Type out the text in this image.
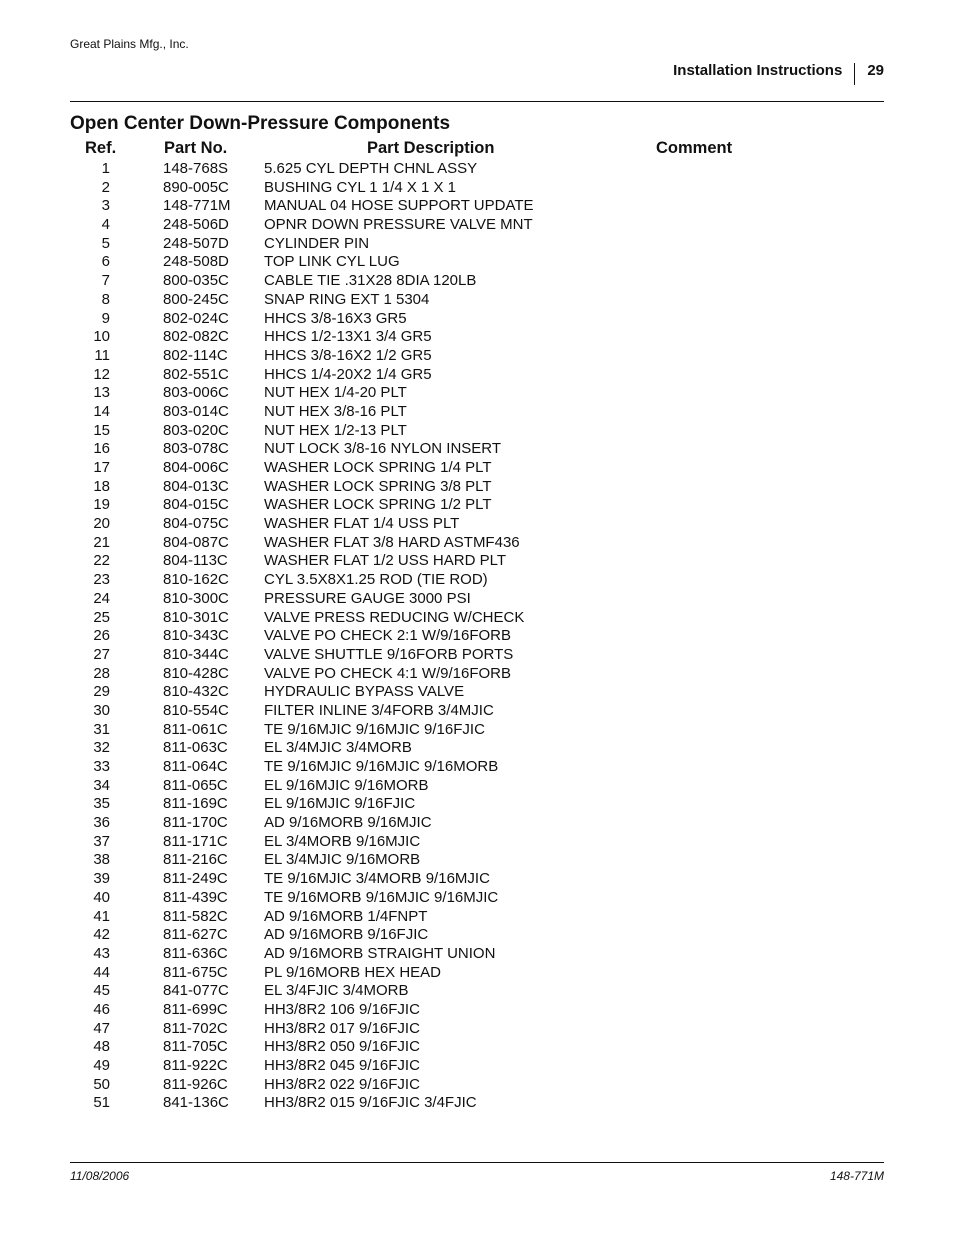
Great Plains Mfg., Inc.
Installation Instructions 29
Open Center Down-Pressure Components
Ref.	Part No.	Part Description	Comment
1	148-768S 5.625 CYL DEPTH CHNL ASSY
2	890-005C BUSHING CYL 1 1/4 X 1 X 1
3	148-771M MANUAL 04 HOSE SUPPORT UPDATE
4	248-506D OPNR DOWN PRESSURE VALVE MNT
5	248-507D CYLINDER PIN
6	248-508D TOP LINK CYL LUG
7	800-035C CABLE TIE .31X28 8DIA 120LB
8	800-245C SNAP RING EXT 1 5304
9	802-024C HHCS 3/8-16X3 GR5
10	802-082C HHCS 1/2-13X1 3/4 GR5
11	802-114C HHCS 3/8-16X2 1/2 GR5
12	802-551C HHCS 1/4-20X2 1/4 GR5
13	803-006C NUT HEX 1/4-20 PLT
14	803-014C NUT HEX 3/8-16 PLT
15	803-020C NUT HEX 1/2-13 PLT
16	803-078C NUT LOCK 3/8-16 NYLON INSERT
17	804-006C WASHER LOCK SPRING 1/4 PLT
18	804-013C WASHER LOCK SPRING 3/8 PLT
19	804-015C WASHER LOCK SPRING 1/2 PLT
20	804-075C WASHER FLAT 1/4 USS PLT
21	804-087C WASHER FLAT 3/8 HARD ASTMF436
22	804-113C WASHER FLAT 1/2 USS HARD PLT
23	810-162C CYL 3.5X8X1.25 ROD (TIE ROD)
24	810-300C PRESSURE GAUGE 3000 PSI
25	810-301C VALVE PRESS REDUCING W/CHECK
26	810-343C VALVE PO CHECK 2:1 W/9/16FORB
27	810-344C VALVE SHUTTLE 9/16FORB PORTS
28	810-428C VALVE PO CHECK 4:1 W/9/16FORB
29	810-432C HYDRAULIC BYPASS VALVE
30	810-554C FILTER INLINE 3/4FORB 3/4MJIC
31	811-061C TE 9/16MJIC 9/16MJIC 9/16FJIC
32	811-063C EL 3/4MJIC 3/4MORB
33	811-064C TE 9/16MJIC 9/16MJIC 9/16MORB
34	811-065C EL 9/16MJIC 9/16MORB
35	811-169C EL 9/16MJIC 9/16FJIC
36	811-170C AD 9/16MORB 9/16MJIC
37	811-171C EL 3/4MORB 9/16MJIC
38	811-216C EL 3/4MJIC 9/16MORB
39	811-249C TE 9/16MJIC 3/4MORB 9/16MJIC
40	811-439C TE 9/16MORB 9/16MJIC 9/16MJIC
41	811-582C AD 9/16MORB 1/4FNPT
42	811-627C AD 9/16MORB 9/16FJIC
43	811-636C AD 9/16MORB STRAIGHT UNION
44	811-675C PL 9/16MORB HEX HEAD
45	841-077C EL 3/4FJIC 3/4MORB
46	811-699C HH3/8R2 106 9/16FJIC
47	811-702C HH3/8R2 017 9/16FJIC
48	811-705C HH3/8R2 050 9/16FJIC
49	811-922C HH3/8R2 045 9/16FJIC
50	811-926C HH3/8R2 022 9/16FJIC
51	841-136C HH3/8R2 015 9/16FJIC 3/4FJIC
11/08/2006	148-771M
